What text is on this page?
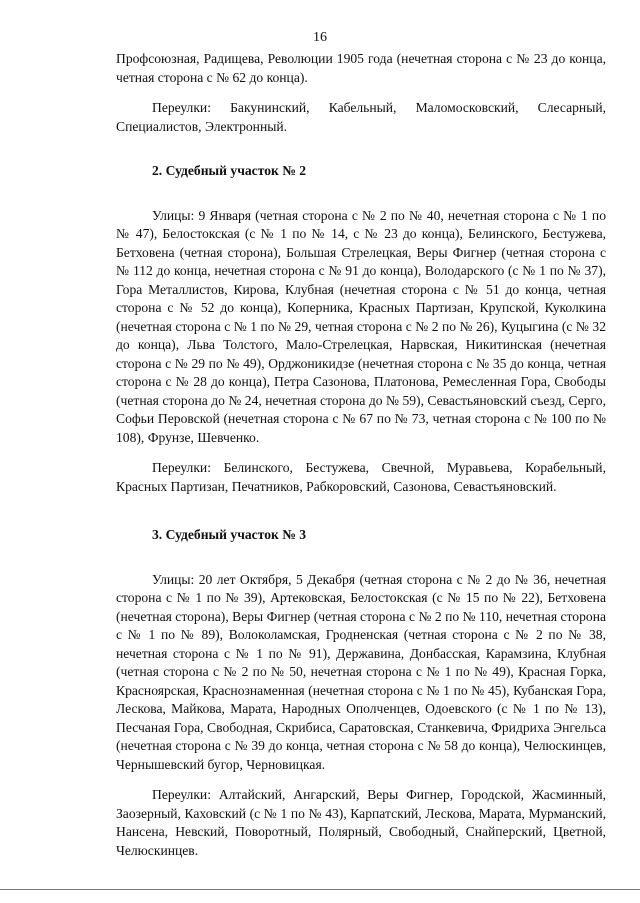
16

Профсоюзная, Радищева, Революции 1905 года (нечетная сторона с № 23 до конца, четная сторона с № 62 до конца).

Переулки: Бакунинский, Кабельный, Маломосковский, Слесарный, Специалистов, Электронный.

2. Судебный участок № 2

Улицы: 9 Января (четная сторона с № 2 по № 40, нечетная сторона с № 1 по № 47), Белостокская (с № 1 по № 14, с № 23 до конца), Белинского, Бестужева, Бетховена (четная сторона), Большая Стрелецкая, Веры Фигнер (четная сторона с № 112 до конца, нечетная сторона с № 91 до конца), Володарского (с № 1 по № 37), Гора Металлистов, Кирова, Клубная (нечетная сторона с № 51 до конца, четная сторона с № 52 до конца), Коперника, Красных Партизан, Крупской, Куколкина (нечетная сторона с № 1 по № 29, четная сторона с № 2 по № 26), Куцыгина (с № 32 до конца), Льва Толстого, Мало-Стрелецкая, Нарвская, Никитинская (нечетная сторона с № 29 по № 49), Орджоникидзе (нечетная сторона с № 35 до конца, четная сторона с № 28 до конца), Петра Сазонова, Платонова, Ремесленная Гора, Свободы (четная сторона до № 24, нечетная сторона до № 59), Севастьяновский съезд, Серго, Софьи Перовской (нечетная сторона с № 67 по № 73, четная сторона с № 100 по № 108), Фрунзе, Шевченко.

Переулки: Белинского, Бестужева, Свечной, Муравьева, Корабельный, Красных Партизан, Печатников, Рабкоровский, Сазонова, Севастьяновский.

3. Судебный участок № 3

Улицы: 20 лет Октября, 5 Декабря (четная сторона с № 2 до № 36, нечетная сторона с № 1 по № 39), Артековская, Белостокская (с № 15 по № 22), Бетховена (нечетная сторона), Веры Фигнер (четная сторона с № 2 по № 110, нечетная сторона с № 1 по № 89), Волоколамская, Гродненская (четная сторона с № 2 по № 38, нечетная сторона с № 1 по № 91), Державина, Донбасская, Карамзина, Клубная (четная сторона с № 2 по № 50, нечетная сторона с № 1 по № 49), Красная Горка, Красноярская, Краснознаменная (нечетная сторона с № 1 по № 45), Кубанская Гора, Лескова, Майкова, Марата, Народных Ополченцев, Одоевского (с № 1 по № 13), Песчаная Гора, Свободная, Скрибиса, Саратовская, Станкевича, Фридриха Энгельса (нечетная сторона с № 39 до конца, четная сторона с № 58 до конца), Челюскинцев, Чернышевский бугор, Черновицкая.

Переулки: Алтайский, Ангарский, Веры Фигнер, Городской, Жасминный, Заозерный, Каховский (с № 1 по № 43), Карпатский, Лескова, Марата, Мурманский, Нансена, Невский, Поворотный, Полярный, Свободный, Снайперский, Цветной, Челюскинцев.
